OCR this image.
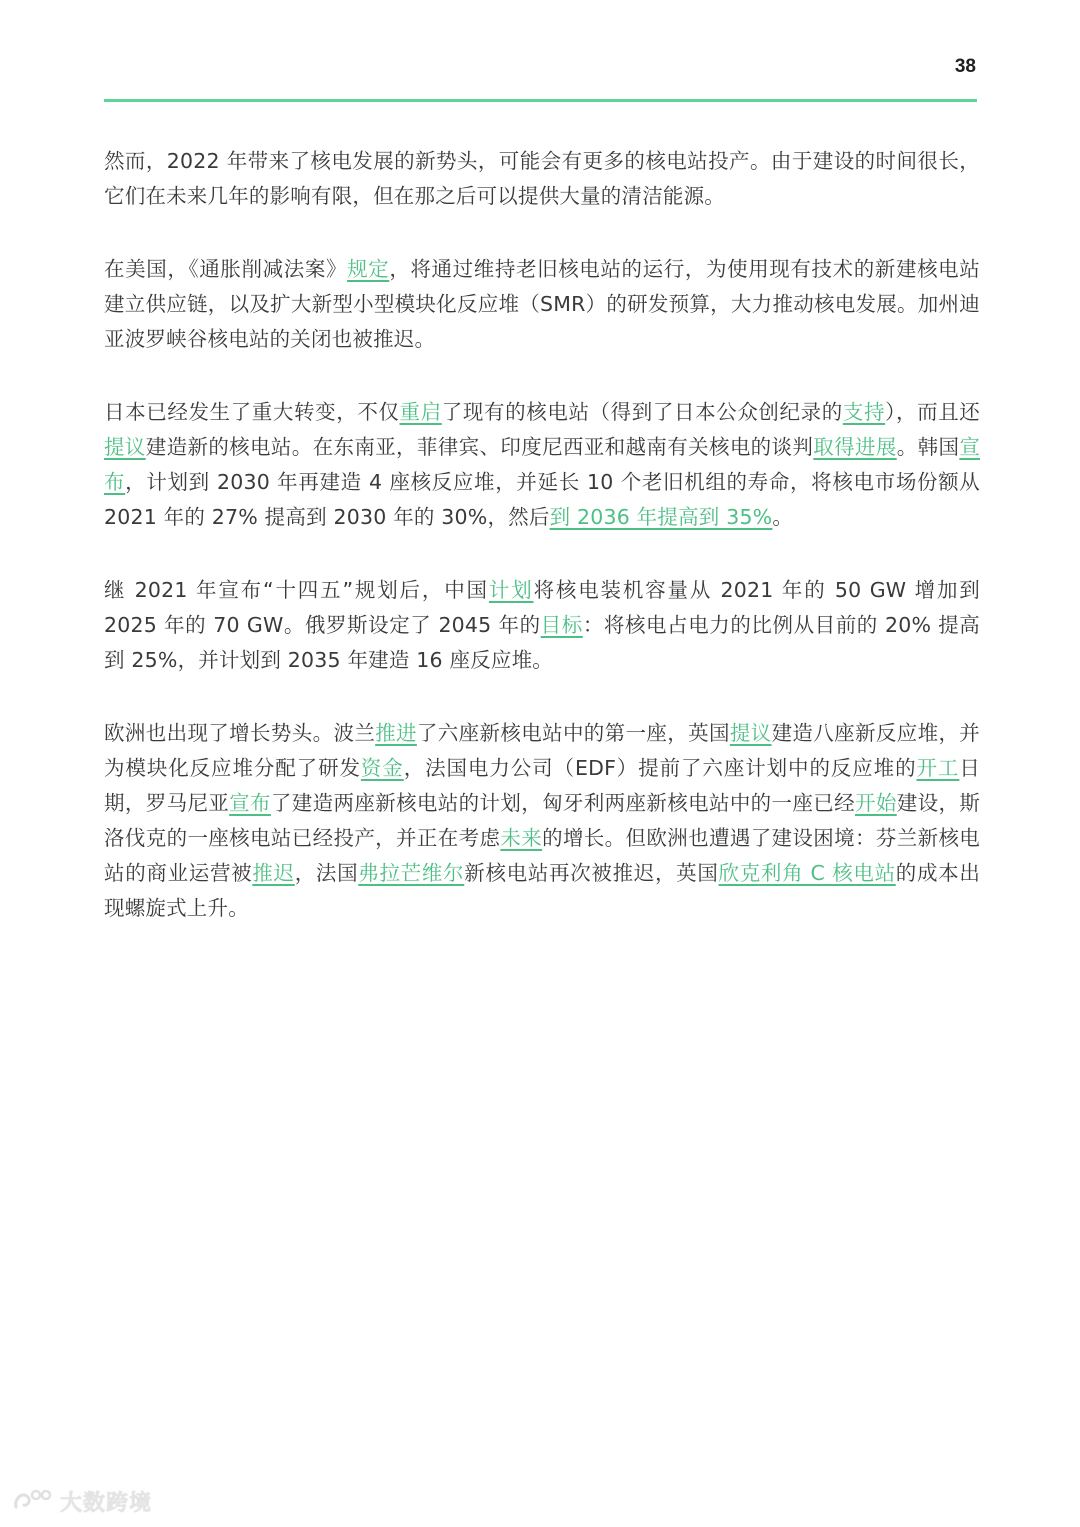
38

然而，2022 年带来了核电发展的新势头，可能会有更多的核电站投产。由于建设的时间很长，它们在未来几年的影响有限，但在那之后可以提供大量的清洁能源。

在美国，《通胀削减法案》规定，将通过维持老旧核电站的运行，为使用现有技术的新建核电站建立供应链，以及扩大新型小型模块化反应堆（SMR）的研发预算，大力推动核电发展。加州迪亚波罗峡谷核电站的关闭也被推迟。

日本已经发生了重大转变，不仅重启了现有的核电站（得到了日本公众创纪录的支持），而且还提议建造新的核电站。在东南亚，菲律宾、印度尼西亚和越南有关核电的谈判取得进展。韩国宣布，计划到 2030 年再建造 4 座核反应堆，并延长 10 个老旧机组的寿命，将核电市场份额从 2021 年的 27% 提高到 2030 年的 30%，然后到 2036 年提高到 35%。

继 2021 年宣布“十四五”规划后，中国计划将核电装机容量从 2021 年的 50 GW 增加到 2025 年的 70 GW。俄罗斯设定了 2045 年的目标：将核电占电力的比例从目前的 20% 提高到 25%，并计划到 2035 年建造 16 座反应堆。

欧洲也出现了增长势头。波兰推进了六座新核电站中的第一座，英国提议建造八座新反应堆，并为模块化反应堆分配了研发资金，法国电力公司（EDF）提前了六座计划中的反应堆的开工日期，罗马尼亚宣布了建造两座新核电站的计划，匈牙利两座新核电站中的一座已经开始建设，斯洛伐克的一座核电站已经投产，并正在考虑未来的增长。但欧洲也遭遇了建设困境：芬兰新核电站的商业运营被推迟，法国弗拉芒维尔新核电站再次被推迟，英国欣克利角 C 核电站的成本出现螺旋式上升。

大数跨境
